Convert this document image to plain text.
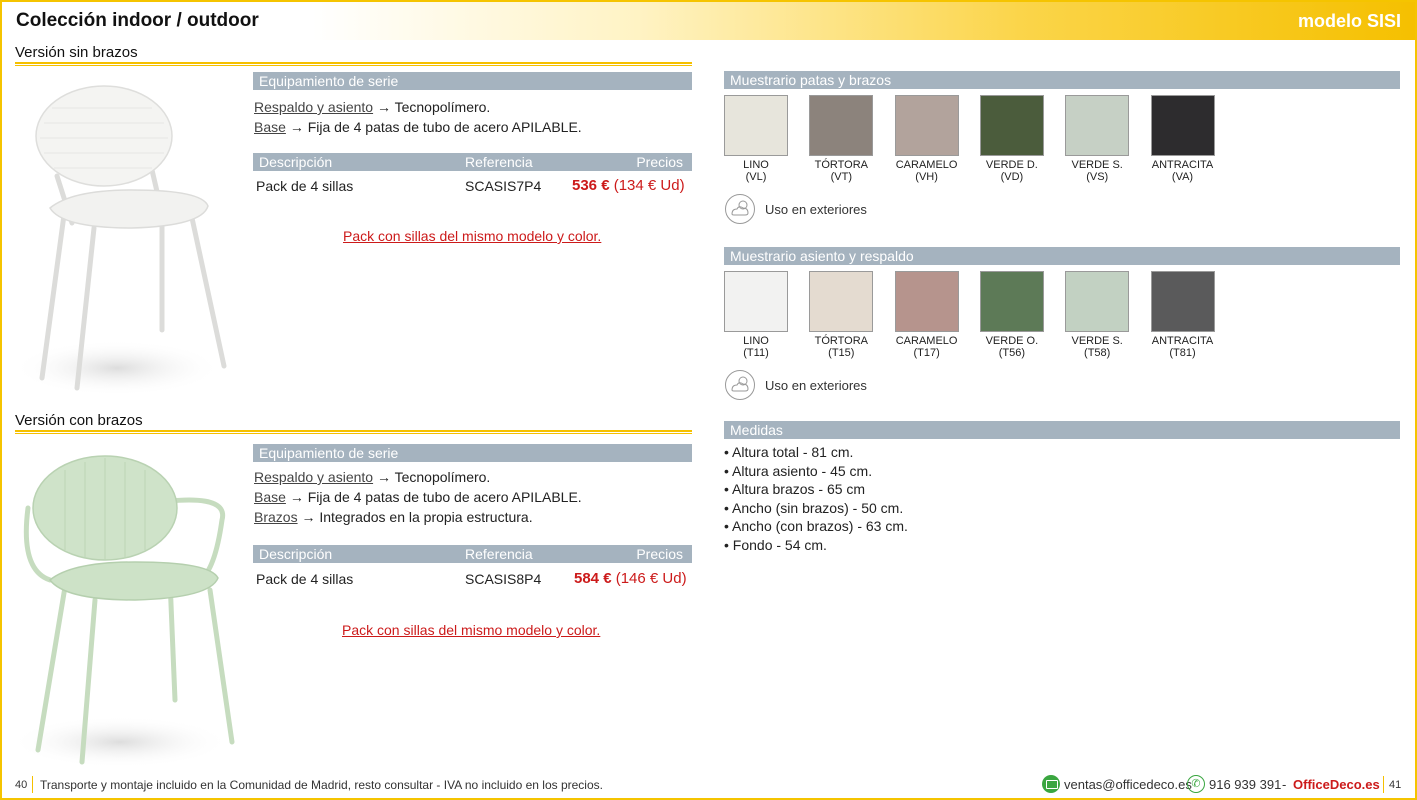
Colección indoor / outdoor	modelo SISI
Versión sin brazos
Equipamiento de serie
Respaldo y asiento → Tecnopolímero.
Base → Fija de 4 patas de tubo de acero APILABLE.
Descripción	Referencia	Precios
Pack de 4 sillas	SCASIS7P4 536 € (134 € Ud)
Pack con sillas del mismo modelo y color.
Versión con brazos
Equipamiento de serie
Respaldo y asiento → Tecnopolímero.
Base → Fija de 4 patas de tubo de acero APILABLE.
Brazos → Integrados en la propia estructura.
Descripción	Referencia	Precios
Pack de 4 sillas	SCASIS8P4 584 € (146 € Ud)
Pack con sillas del mismo modelo y color.
Muestrario patas y brazos
LINO
(VL)
TÓRTORA
(VT)
CARAMELO
(VH)
VERDE D.
(VD)
VERDE S.
(VS)
ANTRACITA
(VA)
Uso en exteriores
Muestrario asiento y respaldo
LINO
(T11)
TÓRTORA
(T15)
CARAMELO
(T17)
VERDE O.
(T56)
VERDE S.
(T58)
ANTRACITA
(T81)
Uso en exteriores
Medidas
• Altura total - 81 cm.
• Altura asiento - 45 cm.
• Altura brazos - 65 cm
• Ancho (sin brazos) - 50 cm.
• Ancho (con brazos) - 63 cm.
• Fondo - 54 cm.
40 Transporte y montaje incluido en la Comunidad de Madrid, resto consultar - IVA no incluido en los precios.	ventas@officedeco.es ✆ 916 939 391 - OfficeDeco.es 41
